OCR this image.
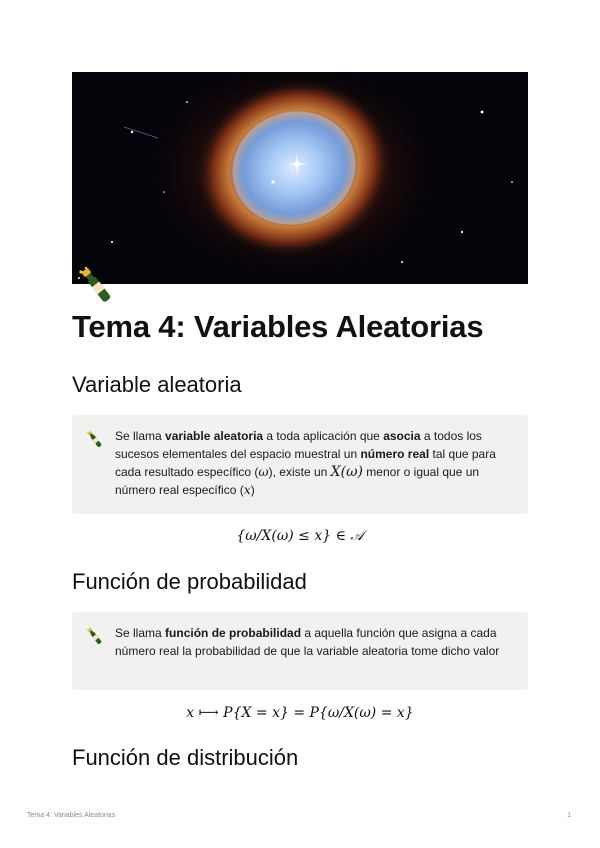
Tema 4: Variables Aleatorias
Variable aleatoria

Se llama variable aleatoria a toda aplicación que asocia a todos los sucesos elementales del espacio muestral un número real tal que para cada resultado específico (ω), existe un X(ω) menor o igual que un número real específico (x)

{ω/X(ω) ≤ x} ∈ 𝒜

Función de probabilidad

Se llama función de probabilidad a aquella función que asigna a cada número real la probabilidad de que la variable aleatoria tome dicho valor

x ⟼ P{X = x} = P{ω/X(ω) = x}

Función de distribución
Tema 4: Variables Aleatorias	1
